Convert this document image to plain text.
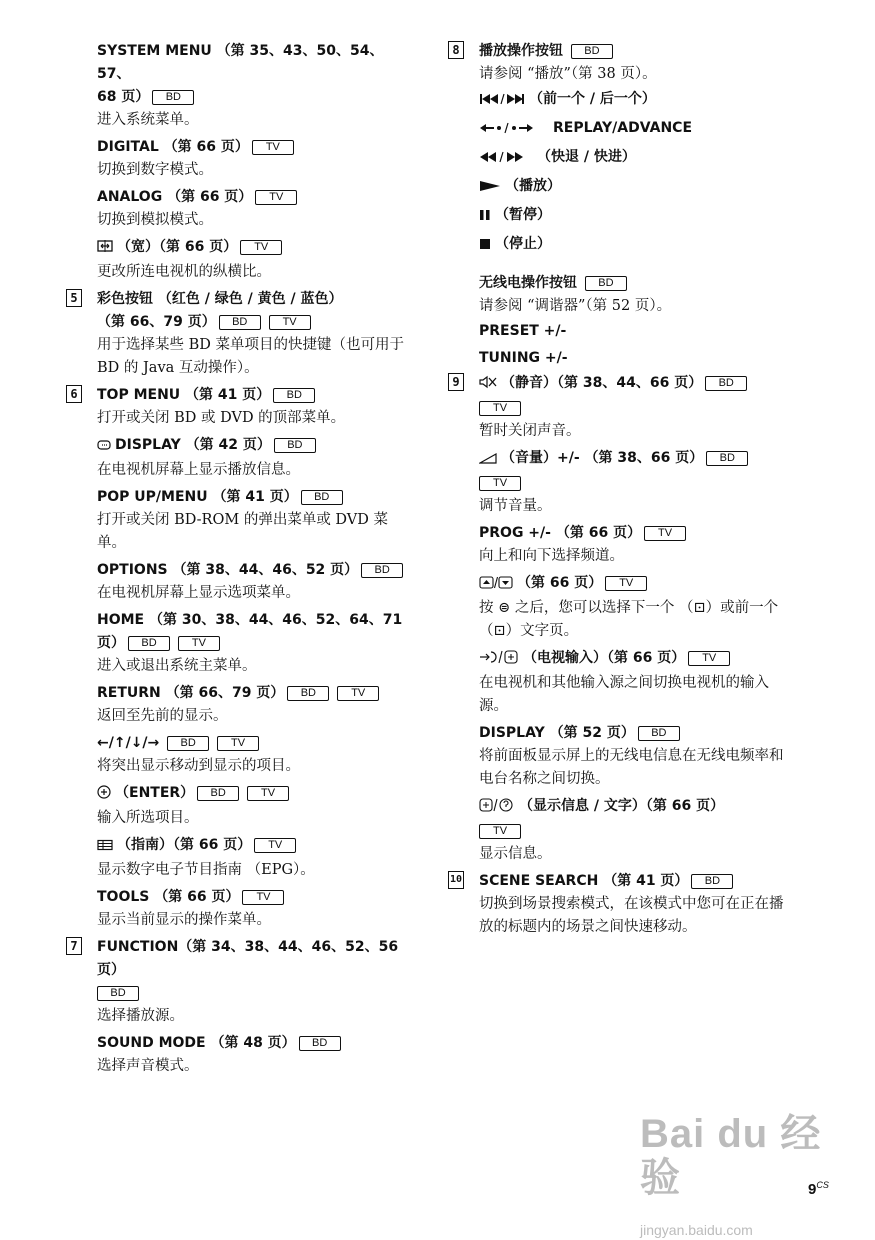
SYSTEM MENU （第 35、43、50、54、57、
68 页） BD
进入系统菜单。
DIGITAL （第 66 页） TV
切换到数字模式。
ANALOG （第 66 页） TV
切换到模拟模式。
（宽）（第 66 页） TV
更改所连电视机的纵横比。
5	彩色按钮 （红色 / 绿色 / 黄色 / 蓝色）
（第 66、79 页） BD	TV
用于选择某些 BD 菜单项目的快捷键（也可用于 BD 的 Java 互动操作）。
6	TOP MENU （第 41 页） BD
打开或关闭 BD 或 DVD 的顶部菜单。
DISPLAY （第 42 页） BD
在电视机屏幕上显示播放信息。
POP UP/MENU （第 41 页） BD
打开或关闭 BD-ROM 的弹出菜单或 DVD 菜单。
OPTIONS （第 38、44、46、52 页） BD
在电视机屏幕上显示选项菜单。
HOME （第 30、38、44、46、52、64、71
页） BD	TV
进入或退出系统主菜单。
RETURN （第 66、79 页） BD	TV
返回至先前的显示。
←/↑/↓/→ BD	TV
将突出显示移动到显示的项目。
（ENTER） BD	TV
输入所选项目。
（指南）（第 66 页） TV
显示数字电子节目指南 （EPG）。
TOOLS （第 66 页） TV
显示当前显示的操作菜单。
7	FUNCTION（第 34、38、44、46、52、56 页）
BD
选择播放源。
SOUND MODE （第 48 页） BD
选择声音模式。
8	播放操作按钮 BD
请参阅 “播放”（第 38 页）。
（前一个 / 后一个）
REPLAY/ADVANCE
（快退 / 快进）
（播放）
（暂停）
（停止）
无线电操作按钮 BD
请参阅 “调谐器”（第 52 页）。
PRESET +/-
TUNING +/-
9	（静音）（第 38、44、66 页） BD
TV
暂时关闭声音。
（音量）+/- （第 38、66 页） BD
TV
调节音量。
PROG +/- （第 66 页） TV
向上和向下选择频道。
（第 66 页） TV
按 ⊜ 之后，您可以选择下一个 （⊡）或前一个 （⊡）文字页。
（电视输入）（第 66 页） TV
在电视机和其他输入源之间切换电视机的输入源。
DISPLAY （第 52 页） BD
将前面板显示屏上的无线电信息在无线电频率和电台名称之间切换。
（显示信息 / 文字）（第 66 页）
TV
显示信息。
10 SCENE SEARCH （第 41 页） BD
切换到场景搜索模式，在该模式中您可在正在播放的标题内的场景之间快速移动。
Bai du 经验
jingyan.baidu.com
$9^{CS}$
